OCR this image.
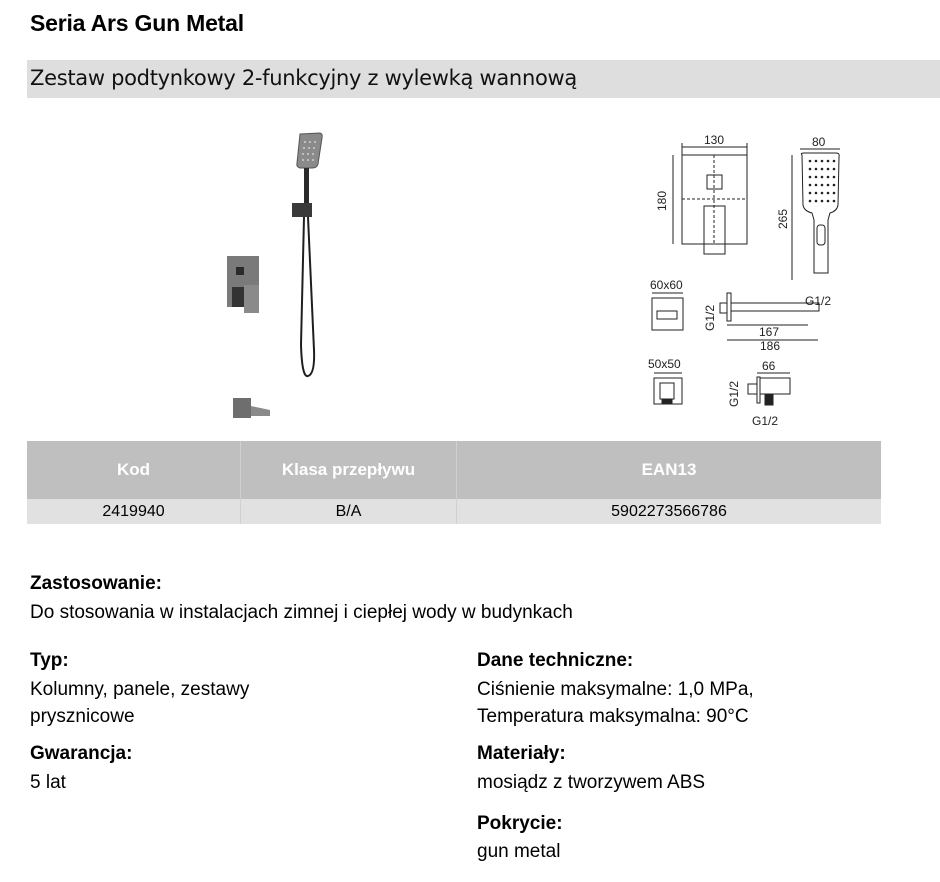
Seria Ars Gun Metal
Zestaw podtynkowy 2-funkcyjny z wylewką wannową
130
180
80
265
G1/2
60x60
G1/2
167
186
50x50	66
G1/2
G1/2
Kod	Klasa przepływu	EAN13
2419940	B/A	5902273566786
Zastosowanie:
Do stosowania w instalacjach zimnej i ciepłej wody w budynkach
Typ:
Kolumny, panele, zestawy
prysznicowe
Gwarancja:
5 lat
Dane techniczne:
Ciśnienie maksymalne: 1,0 MPa,
Temperatura maksymalna: 90°C
Materiały:
mosiądz z tworzywem ABS
Pokrycie:
gun metal
